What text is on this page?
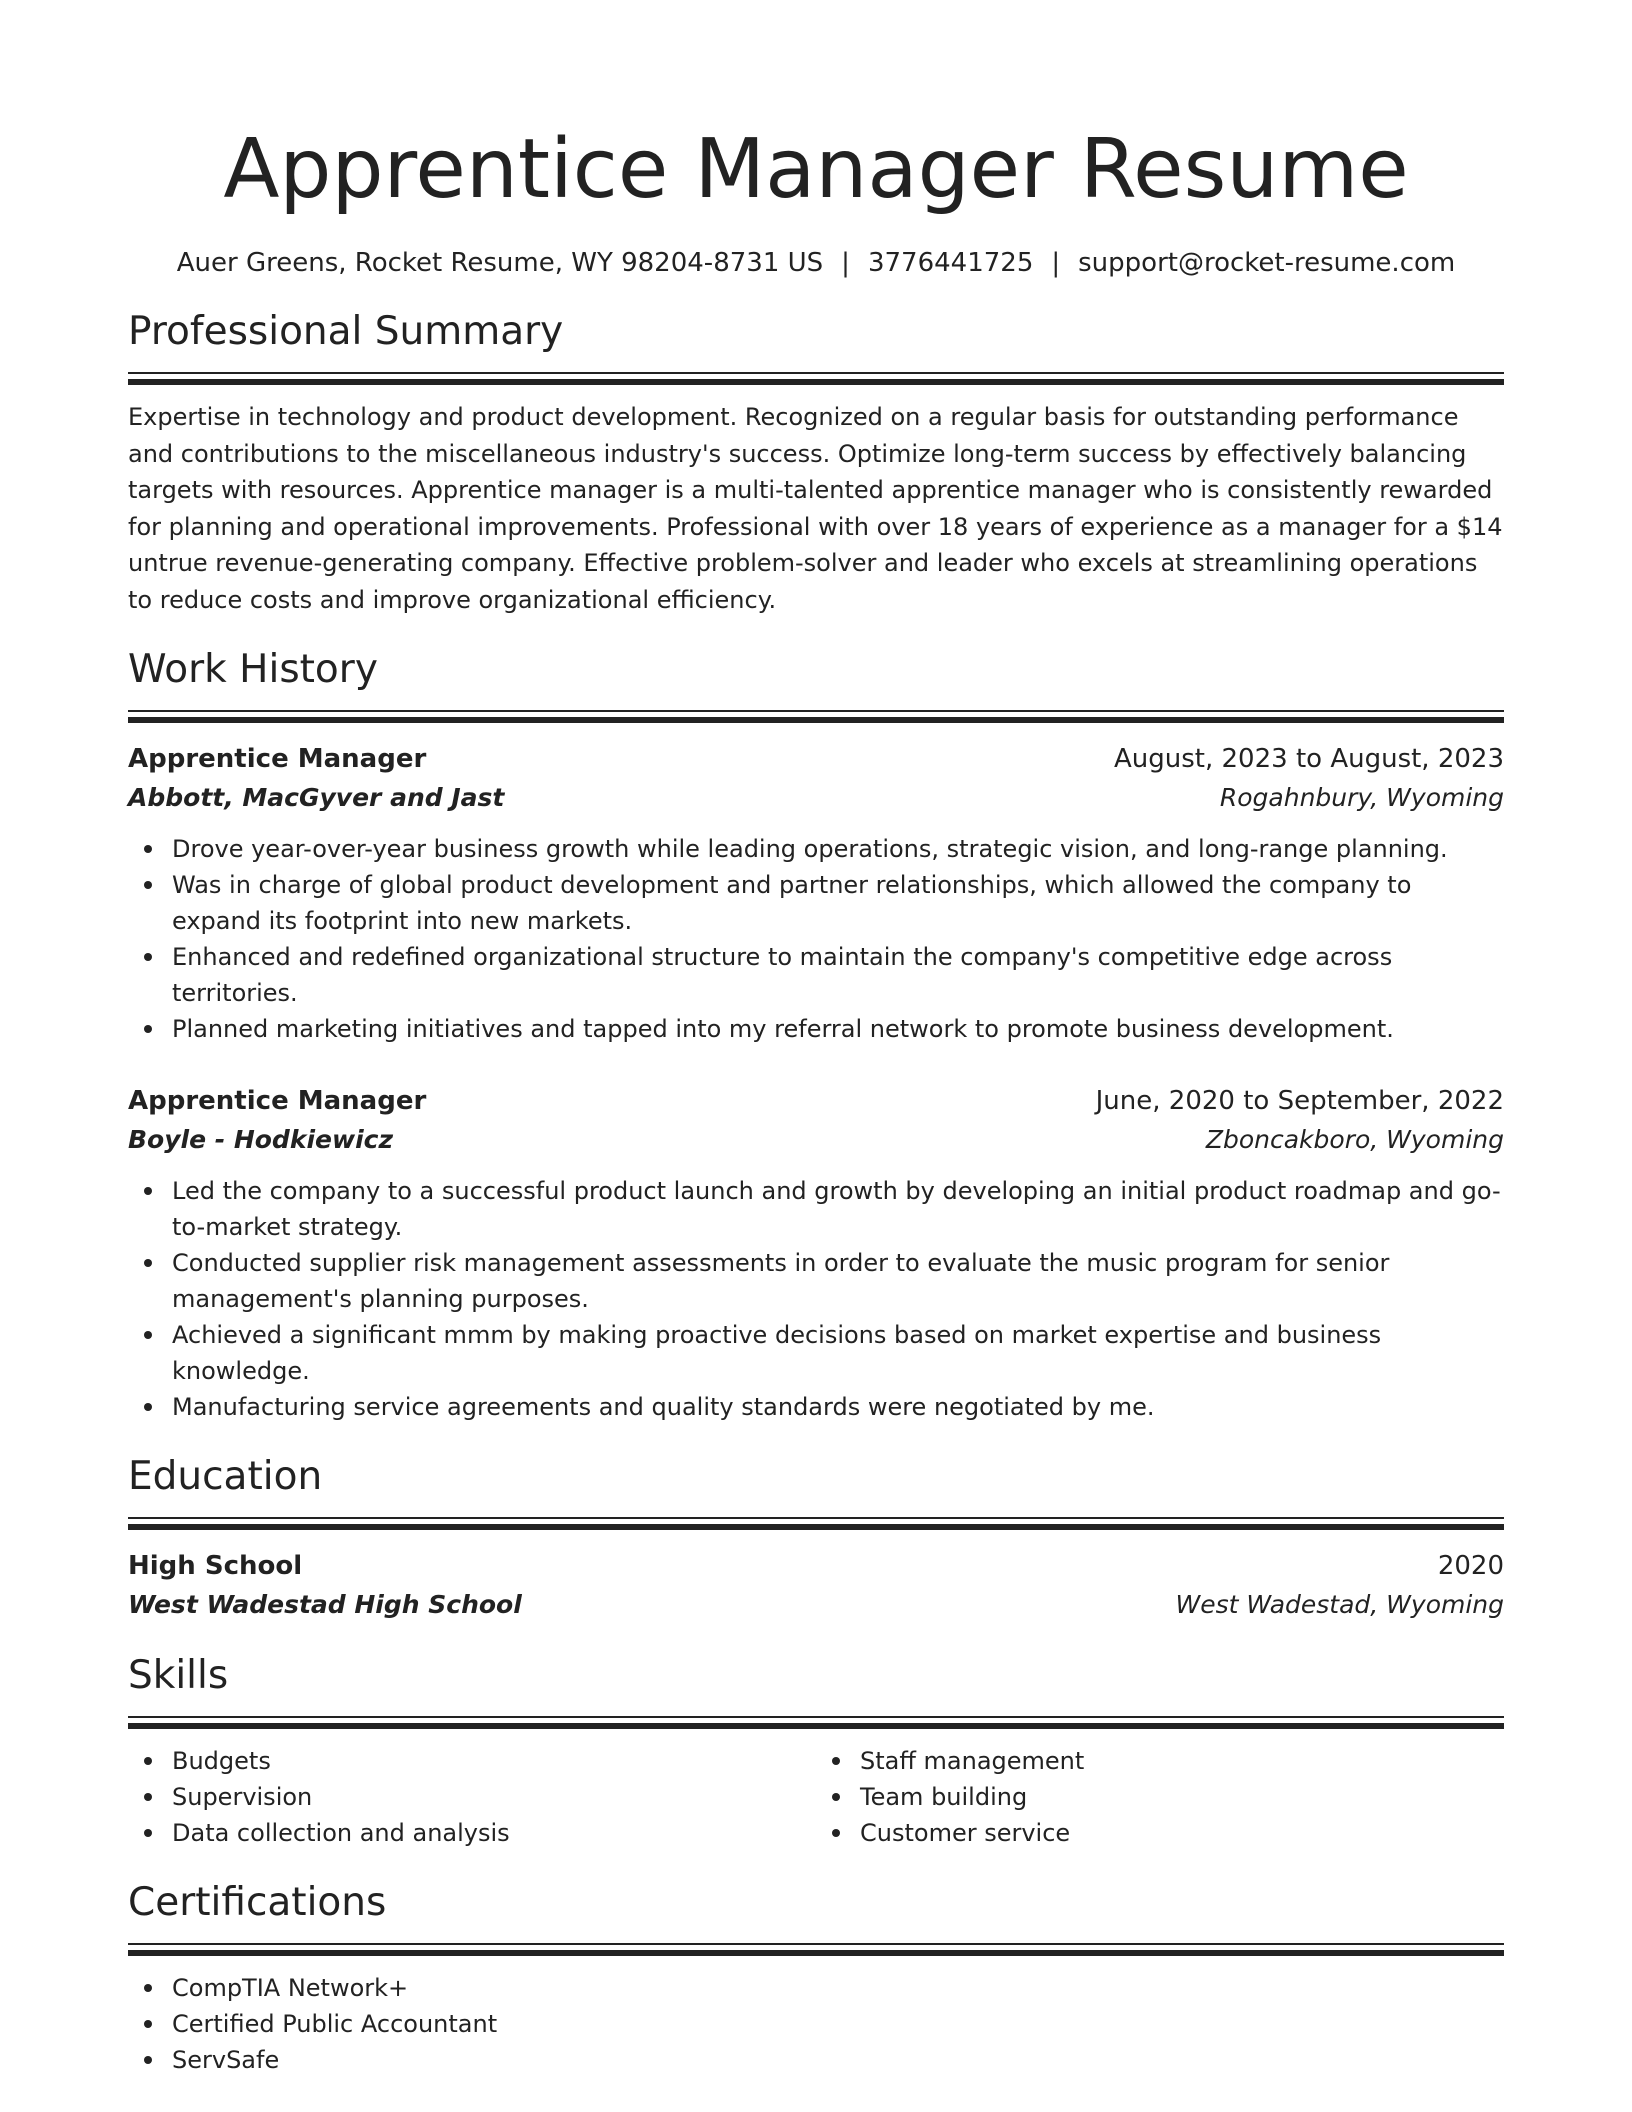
Apprentice Manager Resume
Auer Greens, Rocket Resume, WY 98204-8731 US | 3776441725 | support@rocket-resume.com
Professional Summary

Expertise in technology and product development. Recognized on a regular basis for outstanding performance and contributions to the miscellaneous industry's success. Optimize long-term success by effectively balancing targets with resources. Apprentice manager is a multi-talented apprentice manager who is consistently rewarded for planning and operational improvements. Professional with over 18 years of experience as a manager for a $14 untrue revenue-generating company. Effective problem-solver and leader who excels at streamlining operations to reduce costs and improve organizational efficiency.

Work History
Apprentice Manager	August, 2023 to August, 2023
Abbott, MacGyver and Jast	Rogahnbury, Wyoming
Drove year-over-year business growth while leading operations, strategic vision, and long-range planning.
Was in charge of global product development and partner relationships, which allowed the company to expand its footprint into new markets.
Enhanced and redefined organizational structure to maintain the company's competitive edge across territories.
Planned marketing initiatives and tapped into my referral network to promote business development.
Apprentice Manager	June, 2020 to September, 2022
Boyle - Hodkiewicz	Zboncakboro, Wyoming
Led the company to a successful product launch and growth by developing an initial product roadmap and go-to-market strategy.
Conducted supplier risk management assessments in order to evaluate the music program for senior management's planning purposes.
Achieved a significant mmm by making proactive decisions based on market expertise and business knowledge.
Manufacturing service agreements and quality standards were negotiated by me.
Education
High School	2020
West Wadestad High School	West Wadestad, Wyoming
Skills
Budgets
Supervision
Data collection and analysis
Staff management
Team building
Customer service
Certifications
CompTIA Network+
Certified Public Accountant
ServSafe
